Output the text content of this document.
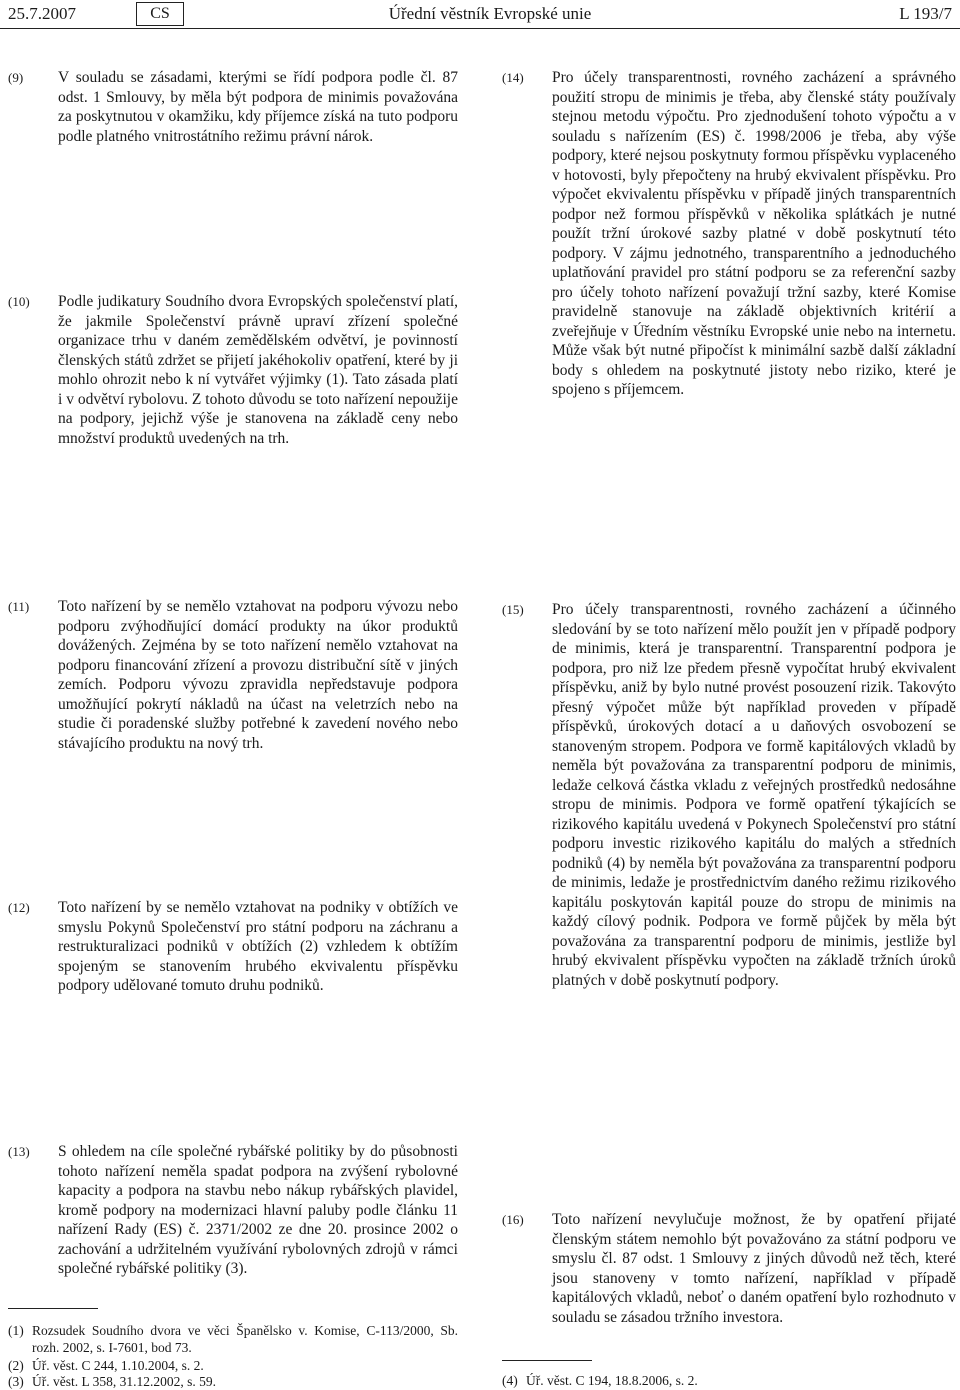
25.7.2007	CS	Úřední věstník Evropské unie	L 193/7
(9) V souladu se zásadami, kterými se řídí podpora podle čl. 87 odst. 1 Smlouvy, by měla být podpora de minimis považována za poskytnutou v okamžiku, kdy příjemce získá na tuto podporu podle platného vnitrostátního režimu právní nárok.
(10) Podle judikatury Soudního dvora Evropských společenství platí, že jakmile Společenství právně upraví zřízení společné organizace trhu v daném zemědělském odvětví, je povinností členských států zdržet se přijetí jakéhokoliv opatření, které by ji mohlo ohrozit nebo k ní vytvářet výjimky (1). Tato zásada platí i v odvětví rybolovu. Z tohoto důvodu se toto nařízení nepoužije na podpory, jejichž výše je stanovena na základě ceny nebo množství produktů uvedených na trh.
(11) Toto nařízení by se nemělo vztahovat na podporu vývozu nebo podporu zvýhodňující domácí produkty na úkor produktů dovážených. Zejména by se toto nařízení nemělo vztahovat na podporu financování zřízení a provozu distribuční sítě v jiných zemích. Podporu vývozu zpravidla nepředstavuje podpora umožňující pokrytí nákladů na účast na veletrzích nebo na studie či poradenské služby potřebné k zavedení nového nebo stávajícího produktu na nový trh.
(12) Toto nařízení by se nemělo vztahovat na podniky v obtížích ve smyslu Pokynů Společenství pro státní podporu na záchranu a restrukturalizaci podniků v obtížích (2) vzhledem k obtížím spojeným se stanovením hrubého ekvivalentu příspěvku podpory udělované tomuto druhu podniků.
(13) S ohledem na cíle společné rybářské politiky by do působnosti tohoto nařízení neměla spadat podpora na zvýšení rybolovné kapacity a podpora na stavbu nebo nákup rybářských plavidel, kromě podpory na modernizaci hlavní paluby podle článku 11 nařízení Rady (ES) č. 2371/2002 ze dne 20. prosince 2002 o zachování a udržitelném využívání rybolovných zdrojů v rámci společné rybářské politiky (3).
(1) Rozsudek Soudního dvora ve věci Španělsko v. Komise, C-113/2000, Sb. rozh. 2002, s. I-7601, bod 73.
(2) Úř. věst. C 244, 1.10.2004, s. 2.
(3) Úř. věst. L 358, 31.12.2002, s. 59.
(14) Pro účely transparentnosti, rovného zacházení a správného použití stropu de minimis je třeba, aby členské státy používaly stejnou metodu výpočtu. Pro zjednodušení tohoto výpočtu a v souladu s nařízením (ES) č. 1998/2006 je třeba, aby výše podpory, které nejsou poskytnuty formou příspěvku vyplaceného v hotovosti, byly přepočteny na hrubý ekvivalent příspěvku. Pro výpočet ekvivalentu příspěvku v případě jiných transparentních podpor než formou příspěvků v několika splátkách je nutné použít tržní úrokové sazby platné v době poskytnutí této podpory. V zájmu jednotného, transparentního a jednoduchého uplatňování pravidel pro státní podporu se za referenční sazby pro účely tohoto nařízení považují tržní sazby, které Komise pravidelně stanovuje na základě objektivních kritérií a zveřejňuje v Úředním věstníku Evropské unie nebo na internetu. Může však být nutné připočíst k minimální sazbě další základní body s ohledem na poskytnuté jistoty nebo riziko, které je spojeno s příjemcem.
(15) Pro účely transparentnosti, rovného zacházení a účinného sledování by se toto nařízení mělo použít jen v případě podpory de minimis, která je transparentní. Transparentní podpora je podpora, pro niž lze předem přesně vypočítat hrubý ekvivalent příspěvku, aniž by bylo nutné provést posouzení rizik. Takovýto přesný výpočet může být například proveden v případě příspěvků, úrokových dotací a u daňových osvobození se stanoveným stropem. Podpora ve formě kapitálových vkladů by neměla být považována za transparentní podporu de minimis, ledaže celková částka vkladu z veřejných prostředků nedosáhne stropu de minimis. Podpora ve formě opatření týkajících se rizikového kapitálu uvedená v Pokynech Společenství pro státní podporu investic rizikového kapitálu do malých a středních podniků (4) by neměla být považována za transparentní podporu de minimis, ledaže je prostřednictvím daného režimu rizikového kapitálu poskytován kapitál pouze do stropu de minimis na každý cílový podnik. Podpora ve formě půjček by měla být považována za transparentní podporu de minimis, jestliže byl hrubý ekvivalent příspěvku vypočten na základě tržních úroků platných v době poskytnutí podpory.
(16) Toto nařízení nevylučuje možnost, že by opatření přijaté členským státem nemohlo být považováno za státní podporu ve smyslu čl. 87 odst. 1 Smlouvy z jiných důvodů než těch, které jsou stanoveny v tomto nařízení, například v případě kapitálových vkladů, neboť o daném opatření bylo rozhodnuto v souladu se zásadou tržního investora.
(4) Úř. věst. C 194, 18.8.2006, s. 2.
